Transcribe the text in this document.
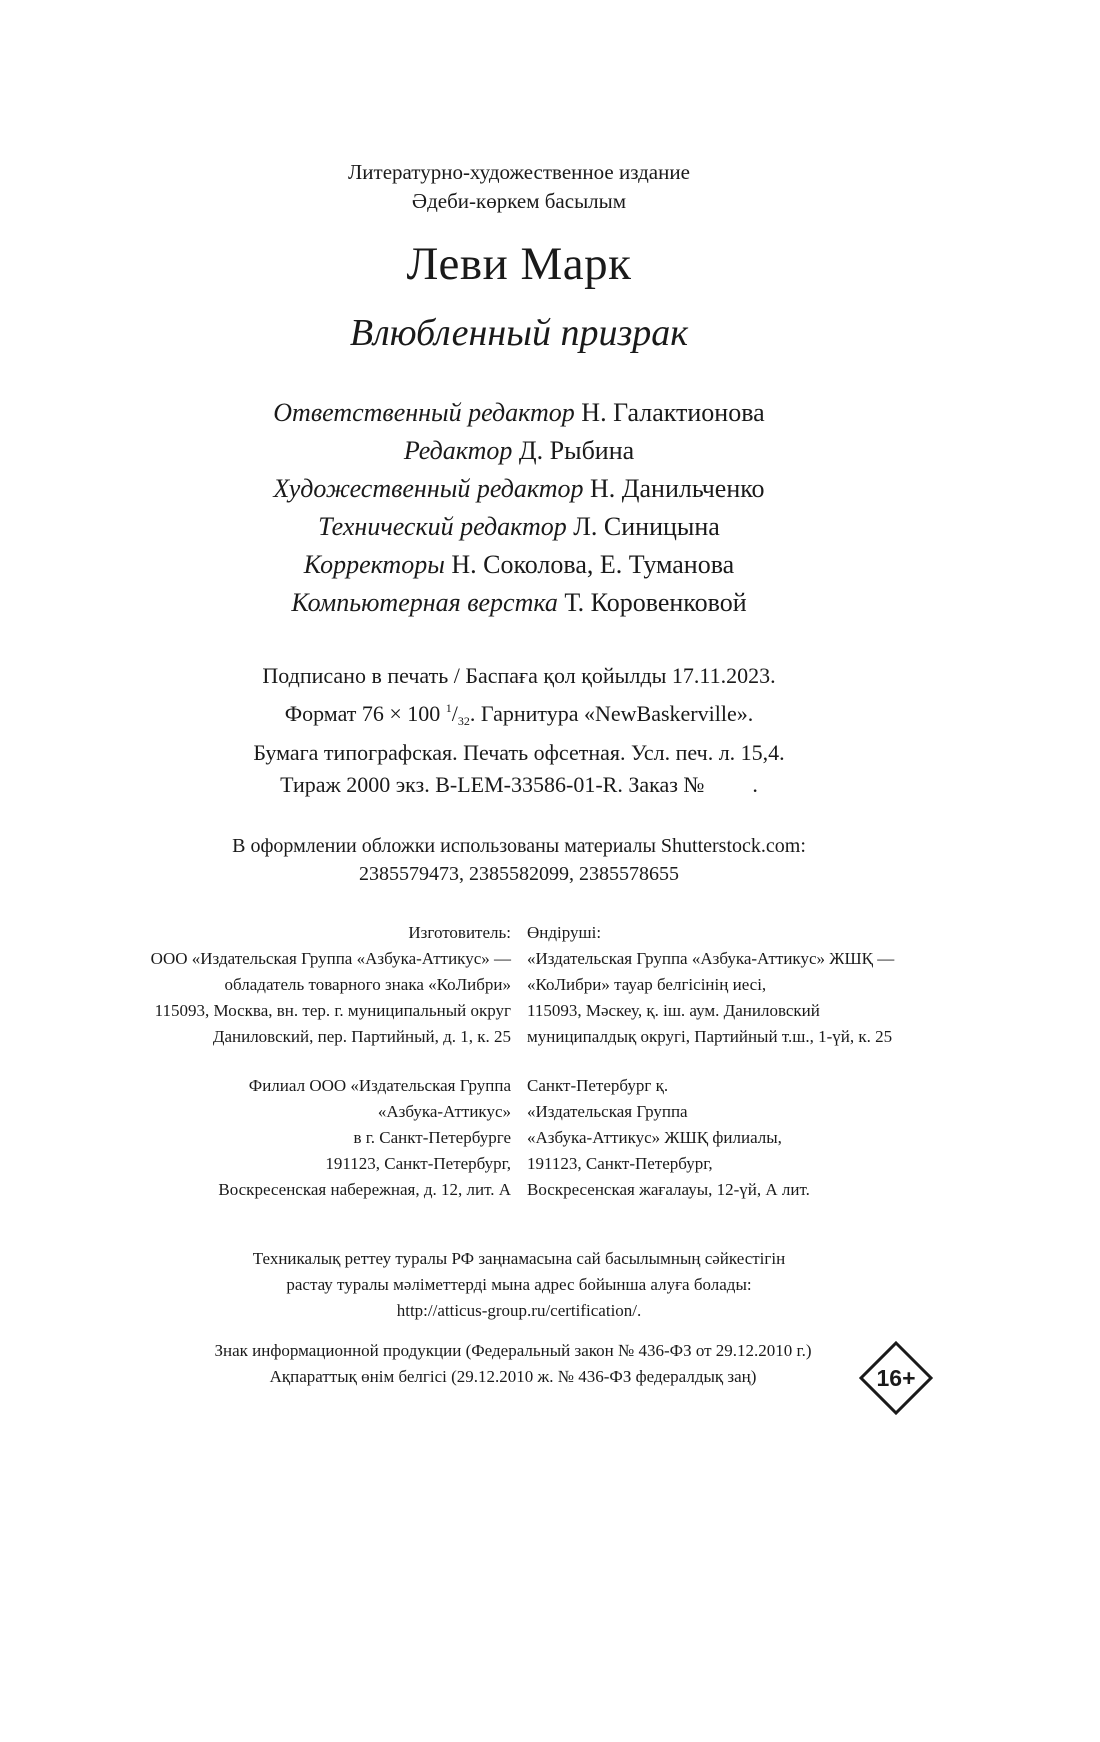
Литературно-художественное издание
Әдеби-көркем басылым
Леви Марк
Влюбленный призрак
Ответственный редактор Н. Галактионова
Редактор Д. Рыбина
Художественный редактор Н. Данильченко
Технический редактор Л. Синицына
Корректоры Н. Соколова, Е. Туманова
Компьютерная верстка Т. Коровенковой
Подписано в печать / Баспаға қол қойылды 17.11.2023.
Формат 76 × 100 $^1/_{32}$. Гарнитура «NewBaskerville».
Бумага типографская. Печать офсетная. Усл. печ. л. 15,4.
Тираж 2000 экз. B-LEM-33586-01-R. Заказ № .
В оформлении обложки использованы материалы Shutterstock.com:
2385579473, 2385582099, 2385578655
Изготовитель:
ООО «Издательская Группа «Азбука-Аттикус» —
обладатель товарного знака «КоЛибри»
115093, Москва, вн. тер. г. муниципальный округ
Даниловский, пер. Партийный, д. 1, к. 25
Өндіруші:
«Издательская Группа «Азбука-Аттикус» ЖШҚ —
«КоЛибри» тауар белгісінің иесі,
115093, Мәскеу, қ. іш. аум. Даниловский
муниципалдық округі, Партийный т.ш., 1-үй, к. 25
Филиал ООО «Издательская Группа
«Азбука-Аттикус»
в г. Санкт-Петербурге
191123, Санкт-Петербург,
Воскресенская набережная, д. 12, лит. А
Санкт-Петербург қ.
«Издательская Группа
«Азбука-Аттикус» ЖШҚ филиалы,
191123, Санкт-Петербург,
Воскресенская жағалауы, 12-үй, А лит.
Техникалық реттеу туралы РФ заңнамасына сай басылымның сәйкестігін
растау туралы мәліметтерді мына адрес бойынша алуға болады:
http://atticus-group.ru/certification/.
Знак информационной продукции (Федеральный закон № 436-ФЗ от 29.12.2010 г.)
Ақпараттық өнім белгісі (29.12.2010 ж. № 436-ФЗ федералдық заң)	16+
